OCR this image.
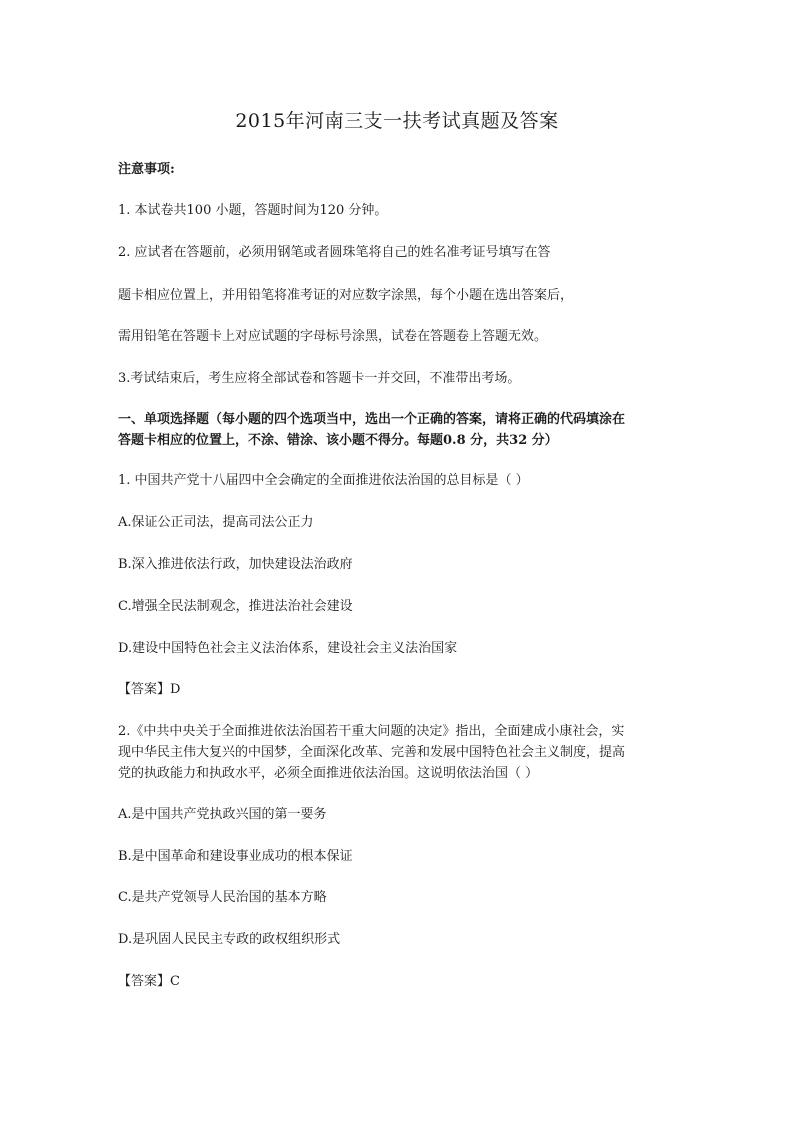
2015年河南三支一扶考试真题及答案
注意事项:
1. 本试卷共100 小题，答题时间为120 分钟。
2. 应试者在答题前，必须用钢笔或者圆珠笔将自己的姓名准考证号填写在答
题卡相应位置上，并用铅笔将准考证的对应数字涂黑，每个小题在选出答案后，
需用铅笔在答题卡上对应试题的字母标号涂黑，试卷在答题卷上答题无效。
3.考试结束后，考生应将全部试卷和答题卡一并交回，不准带出考场。
一、单项选择题（每小题的四个选项当中，选出一个正确的答案，请将正确的代码填涂在
答题卡相应的位置上，不涂、错涂、该小题不得分。每题0.8 分，共32 分）
1. 中国共产党十八届四中全会确定的全面推进依法治国的总目标是（ ）
A.保证公正司法，提高司法公正力
B.深入推进依法行政，加快建设法治政府
C.增强全民法制观念，推进法治社会建设
D.建设中国特色社会主义法治体系，建设社会主义法治国家
【答案】D
2.《中共中央关于全面推进依法治国若干重大问题的决定》指出，全面建成小康社会，实
现中华民主伟大复兴的中国梦，全面深化改革、完善和发展中国特色社会主义制度，提高
党的执政能力和执政水平，必须全面推进依法治国。这说明依法治国（ ）
A.是中国共产党执政兴国的第一要务
B.是中国革命和建设事业成功的根本保证
C.是共产党领导人民治国的基本方略
D.是巩固人民民主专政的政权组织形式
【答案】C
